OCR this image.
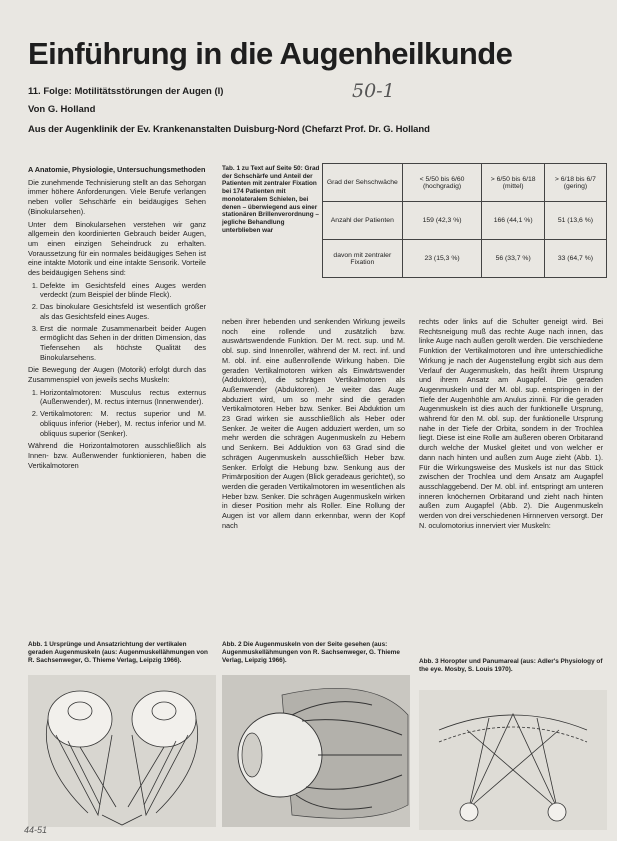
Einführung in die Augenheilkunde
50-1
11. Folge: Motilitätsstörungen der Augen (I)
Von G. Holland
Aus der Augenklinik der Ev. Krankenanstalten Duisburg-Nord (Chefarzt Prof. Dr. G. Holland

A Anatomie, Physiologie, Untersuchungsmethoden

Die zunehmende Technisierung stellt an das Sehorgan immer höhere Anforderungen. Viele Berufe verlangen neben voller Sehschärfe ein beidäugiges Sehen (Binokularsehen).

Unter dem Binokularsehen verstehen wir ganz allgemein den koordinierten Gebrauch beider Augen, um einen einzigen Seheindruck zu erhalten. Voraussetzung für ein normales beidäugiges Sehen ist eine intakte Motorik und eine intakte Sensorik. Vorteile des beidäugigen Sehens sind:

1. Defekte im Gesichtsfeld eines Auges werden verdeckt (zum Beispiel der blinde Fleck).
2. Das binokulare Gesichtsfeld ist wesentlich größer als das Gesichtsfeld eines Auges.
3. Erst die normale Zusammenarbeit beider Augen ermöglicht das Sehen in der dritten Dimension, das Tiefensehen als höchste Qualität des Binokularsehens.

Die Bewegung der Augen (Motorik) erfolgt durch das Zusammenspiel von jeweils sechs Muskeln:

1. Horizontalmotoren: Musculus rectus externus (Außenwender), M. rectus internus (Innenwender).
2. Vertikalmotoren: M. rectus superior und M. obliquus inferior (Heber), M. rectus inferior und M. obliquus superior (Senker).

Während die Horizontalmotoren ausschließlich als Innen- bzw. Außenwender funktionieren, haben die Vertikalmotoren

Tab. 1 zu Text auf Seite 50: Grad der Schschärfe und Anteil der Patienten mit zentraler Fixation bei 174 Patienten mit monolateralem Schielen, bei denen – überwiegend aus einer stationären Brillenverordnung – jegliche Behandlung unterblieben war
Grad der Sehschwäche	< 5/50 bis 6/60 (hochgradig)	> 6/50 bis 6/18 (mittel)	> 6/18 bis 6/7 (gering)
Anzahl der Patienten	159 (42,3 %)	166 (44,1 %)	51 (13,6 %)
davon mit zentraler Fixation	23 (15,3 %)	56 (33,7 %)	33 (64,7 %)

neben ihrer hebenden und senkenden Wirkung jeweils noch eine rollende und zusätzlich bzw. auswärtswendende Funktion. Der M. rect. sup. und M. obl. sup. sind Innenroller, während der M. rect. inf. und M. obl. inf. eine außenrollende Wirkung haben. Die geraden Vertikalmotoren wirken als Einwärtswender (Adduktoren), die schrägen Vertikalmotoren als Außenwender (Abduktoren). Je weiter das Auge abduziert wird, um so mehr sind die geraden Vertikalmotoren Heber bzw. Senker. Bei Abduktion um 23 Grad wirken sie ausschließlich als Heber oder Senker. Je weiter die Augen adduziert werden, um so mehr werden die schrägen Augenmuskeln zu Hebern und Senkern. Bei Adduktion von 63 Grad sind die schrägen Augenmuskeln ausschließlich Heber bzw. Senker. Erfolgt die Hebung bzw. Senkung aus der Primärposition der Augen (Blick geradeaus gerichtet), so werden die geraden Vertikalmotoren im wesentlichen als Heber bzw. Senker. Die schrägen Augenmuskeln wirken in dieser Position mehr als Roller. Eine Rollung der Augen ist vor allem dann erkennbar, wenn der Kopf nach

rechts oder links auf die Schulter geneigt wird. Bei Rechtsneigung muß das rechte Auge nach innen, das linke Auge nach außen gerollt werden. Die verschiedene Funktion der Vertikalmotoren und ihre unterschiedliche Wirkung je nach der Augenstellung ergibt sich aus dem Verlauf der Augenmuskeln, das heißt ihrem Ursprung und ihrem Ansatz am Augapfel. Die geraden Augenmuskeln und der M. obl. sup. entspringen in der Tiefe der Augenhöhle am Anulus zinnii. Für die geraden Augenmuskeln ist dies auch der funktionelle Ursprung, während für den M. obl. sup. der funktionelle Ursprung nahe in der Tiefe der Orbita, sondern in der Trochlea liegt. Diese ist eine Rolle am äußeren oberen Orbitarand durch welche der Muskel gleitet und von welcher er dann nach hinten und außen zum Auge zieht (Abb. 1). Für die Wirkungsweise des Muskels ist nur das Stück zwischen der Trochlea und dem Ansatz am Augapfel ausschlaggebend. Der M. obl. inf. entspringt am unteren inneren knöchernen Orbitarand und zieht nach hinten außen zum Augapfel (Abb. 2). Die Augenmuskeln werden von drei verschiedenen Hirnnerven versorgt. Der N. oculomotorius innerviert vier Muskeln:

Abb. 1 Ursprünge und Ansatzrichtung der vertikalen geraden Augenmuskeln (aus: Augenmuskellähmungen von R. Sachsenweger, G. Thieme Verlag, Leipzig 1966).
Abb. 2 Die Augenmuskeln von der Seite gesehen (aus: Augenmuskellähmungen von R. Sachsenweger, G. Thieme Verlag, Leipzig 1966).	Abb. 3 Horopter und Panumareal (aus: Adler's Physiology of the eye. Mosby, S. Louis 1970).
44-51
